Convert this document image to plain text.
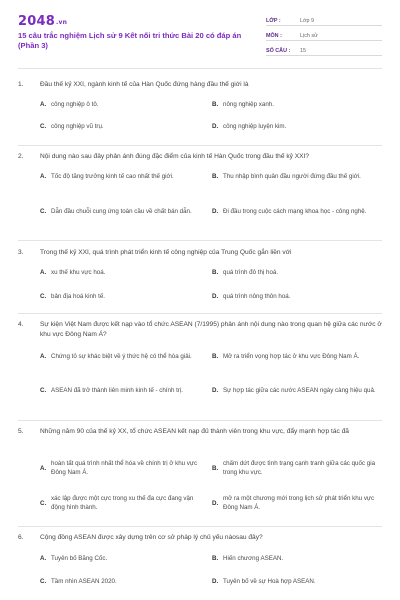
2048.vn
15 câu trắc nghiệm Lịch sử 9 Kết nối tri thức Bài 20 có đáp án (Phần 3)
LỚP :	Lớp 9
MÔN :	Lịch sử
SỐ CÂU :	15
1.	Đầu thế kỷ XXI, ngành kinh tế của Hàn Quốc đứng hàng đầu thế giới là
A. công nghiệp ô tô.	B. nông nghiệp xanh.
C. công nghiệp vũ trụ.	D. công nghiệp luyện kim.
2.	Nội dung nào sau đây phản ánh đúng đặc điểm của kinh tế Hàn Quốc trong đầu thế kỷ XXI?
A. Tốc độ tăng trưởng kinh tế cao nhất thế giới.	B. Thu nhập bình quân đầu người đứng đầu thế giới.
C. Dẫn đầu chuỗi cung ứng toàn cầu về chất bán dẫn.	D. Đi đầu trong cuộc cách mạng khoa học - công nghệ.
3.	Trong thế kỷ XXI, quá trình phát triển kinh tế công nghiệp của Trung Quốc gắn liền với
A. xu thế khu vực hoá.	B. quá trình đô thị hoá.
C. bản địa hoá kinh tế.	D. quá trình nông thôn hoá.
4.	Sự kiện Việt Nam được kết nạp vào tổ chức ASEAN (7/1995) phản ánh nội dung nào trong quan hệ giữa các nước ở khu vực Đông Nam Á?
A. Chứng tỏ sự khác biệt về ý thức hệ có thể hòa giải.	B. Mở ra triển vọng hợp tác ở khu vực Đông Nam Á.
C. ASEAN đã trở thành liên minh kinh tế - chính trị.	D. Sự hợp tác giữa các nước ASEAN ngày càng hiệu quả.
5.	Những năm 90 của thế kỷ XX, tổ chức ASEAN kết nạp đủ thành viên trong khu vực, đẩy mạnh hợp tác đã
A.
hoàn tất quá trình nhất thể hóa về chính trị ở khu vực Đông Nam Á.
B.
chấm dứt được tình trạng cạnh tranh giữa các quốc gia trong khu vực.
C.
xác lập được một cực trong xu thế đa cực đang vận động hình thành.
D.
mở ra một chương mới trong lịch sử phát triển khu vực Đông Nam Á.
6.	Cộng đồng ASEAN được xây dựng trên cơ sở pháp lý chủ yếu nàosau đây?
A. Tuyên bố Băng Cốc.	B. Hiến chương ASEAN.
C. Tầm nhìn ASEAN 2020.	D. Tuyên bố về sự Hoà hợp ASEAN.
